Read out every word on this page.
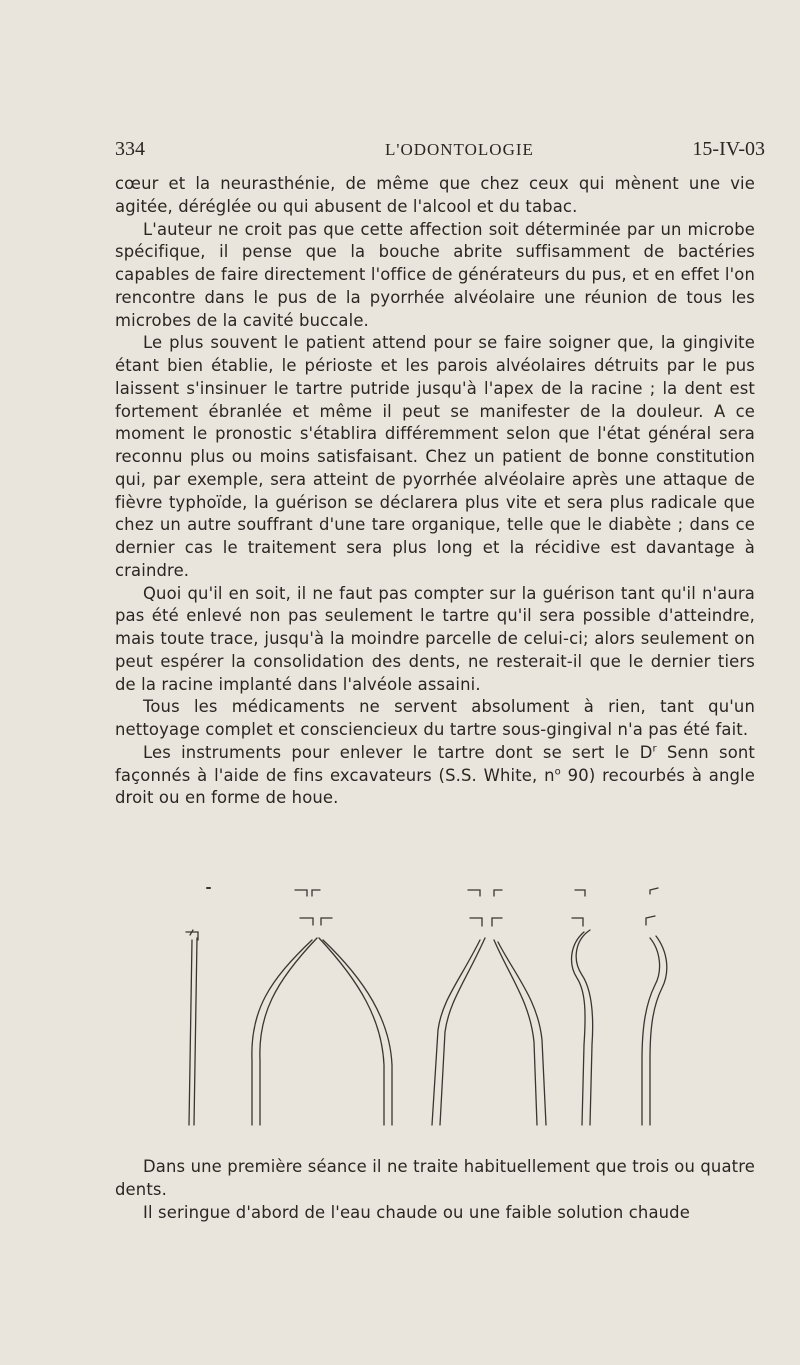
334	L'ODONTOLOGIE	15-IV-03

cœur et la neurasthénie, de même que chez ceux qui mènent une vie agitée, déréglée ou qui abusent de l'alcool et du tabac.

L'auteur ne croit pas que cette affection soit déterminée par un microbe spécifique, il pense que la bouche abrite suffisamment de bactéries capables de faire directement l'office de générateurs du pus, et en effet l'on rencontre dans le pus de la pyorrhée alvéolaire une réunion de tous les microbes de la cavité buccale.

Le plus souvent le patient attend pour se faire soigner que, la gingivite étant bien établie, le périoste et les parois alvéolaires détruits par le pus laissent s'insinuer le tartre putride jusqu'à l'apex de la racine ; la dent est fortement ébranlée et même il peut se manifester de la douleur. A ce moment le pronostic s'établira différemment selon que l'état général sera reconnu plus ou moins satisfaisant. Chez un patient de bonne constitution qui, par exemple, sera atteint de pyorrhée alvéolaire après une attaque de fièvre typhoïde, la guérison se déclarera plus vite et sera plus radicale que chez un autre souffrant d'une tare organique, telle que le diabète ; dans ce dernier cas le traitement sera plus long et la récidive est davantage à craindre.

Quoi qu'il en soit, il ne faut pas compter sur la guérison tant qu'il n'aura pas été enlevé non pas seulement le tartre qu'il sera possible d'atteindre, mais toute trace, jusqu'à la moindre parcelle de celui-ci; alors seulement on peut espérer la consolidation des dents, ne resterait-il que le dernier tiers de la racine implanté dans l'alvéole assaini.

Tous les médicaments ne servent absolument à rien, tant qu'un nettoyage complet et consciencieux du tartre sous-gingival n'a pas été fait.

Les instruments pour enlever le tartre dont se sert le $D^r$ Senn sont façonnés à l'aide de fins excavateurs (S.S. White, $n^o$ 90) recourbés à angle droit ou en forme de houe.

Dans une première séance il ne traite habituellement que trois ou quatre dents.

Il seringue d'abord de l'eau chaude ou une faible solution chaude
